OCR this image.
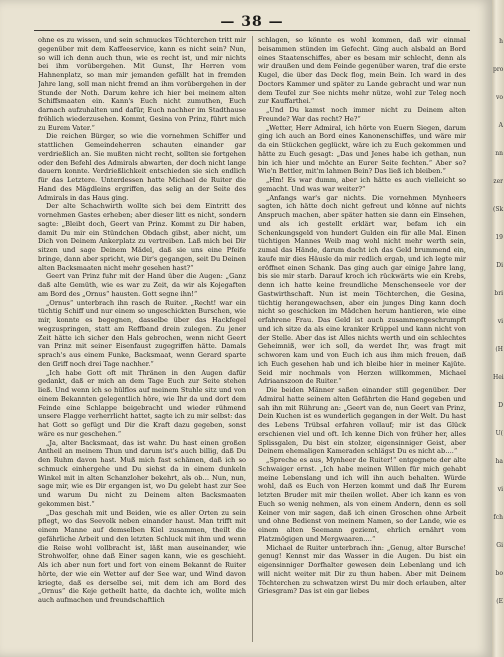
— 38 —

ohne es zu wissen, und sein schmuckes Töchterchen tritt mir gegenüber mit dem Kaffeeservice, kann es nicht sein? Nun, so will ich denn auch thun, wie es recht ist, und mir nichts bei ihm vorübergehen. Mit Gunst, Ihr Herren vom Hahnenplatz, so man mir jemanden gefällt hat in fremden Jahre lang, soll man nicht fremd an ihm vorübergehen in der Stunde der Noth. Darum kehre ich hier bei meinem alten Schiffsmaaten ein. Kann's Euch nicht zumuthen, Euch darnach aufzuhalten und dafür, Euch nachher im Stadthause fröhlich wiederzusehen. Kommt, Gesina von Prinz, führt mich zu Eurem Vater.“

Die reichen Bürger, so wie die vornehmen Schiffer und stattlichen Gemeindeherren schauten einander gar verdrießlich an. Sie mußten nicht recht, sollten sie fortgehen oder den Befehl des Admirals abwarten, der doch nicht lange dauern konnte. Verdrießlichkeit entschieden sie sich endlich für das Letztere. Unterdessen hatte Michael de Ruiter die Hand des Mägdleins ergriffen, das selig an der Seite des Admirals in das Haus ging.

Der alte Schachwirth wollte sich bei dem Eintritt des vornehmen Gastes erheben; aber dieser litt es nicht, sondern sagte: „Bleibt doch, Geert van Prinz. Kommt zu Dir haben, damit Du mir ein Stündchen Obdach gibst, aber nicht, um Dich von Deinem Ankerplatz zu vertreiben. Laß mich bei Dir sitzen und sage Deinem Mädel, daß sie uns eine Pfeife bringe, dann aber spricht, wie Dir's gegangen, seit Du Deinen alten Backsmaaten nicht mehr gesehen hast?“

Geert van Prinz fuhr mit der Hand über die Augen: „Ganz daß alte Gemüth, wie es war zu Zeit, da wir als Kojegaften am Bord des „Ornus“ hausten. Gott segne ihn!“

„Ornus“ unterbrach ihn rasch de Ruiter. „Recht! war ein tüchtig Schiff und nur einem so ungeschickten Burschen, wie mir, konnte es begegnen, dasselbe über das Hackfegel wegzuspringen, statt am Reffband drein zulegen. Zu jener Zeit hätte ich sicher den Hals gebrochen, wenn nicht Geert van Prinz mit seiner Eisenfaust zugegriffen hätte. Damals sprach's aus einem Funke, Backsmaat, wenn Gerard sparte den Griff noch drei Tage nachher.“

„Ich habe Gott oft mit Thränen in den Augen dafür gedankt, daß er mich an dem Tage Euch zur Seite stehen ließ. Und wenn ich so hülflos auf meinem Stuhle sitz und von einem Bekannten gelegentlich höre, wie Ihr da und dort dem Feinde eine Schlappe beigebracht und wieder rühmend unsere Flagge verherrlicht hattet, sagte ich zu mir selbst: das hat Gott so gefügt und Dir die Kraft dazu gegeben, sonst wäre es nur geschehen.“

„Ja, alter Backsmaat, das ist wahr. Du hast einen großen Antheil an meinem Thun und darum ist's auch billig, daß Du den Ruhm davon hast. Muß mich fast schämen, daß ich so schmuck einhergehe und Du siehst da in einem dunkeln Winkel mit in alten Schanzloher bekehrt, als ob… Nun, nun, sage mir, wie es Dir ergangen ist, wo Du gelebt hast zur See und warum Du nicht zu Deinem alten Backsmaaten gekommen bist.“

„Das geschah mit und Beiden, wie es aller Orten zu sein pflegt, wo das Seevolk neben einander haust. Man trifft mit einem Manne auf demselben Kiel zusammen, theilt die gefährliche Arbeit und den letzten Schluck mit ihm und wenn die Reise wohl vollbracht ist, läßt man auseinander, wie Strohwolfer, ohne daß Einer sagen kann, wie es geschieht. Als ich aber nun fort und fort von einem Bekannt de Ruiter hörte, der wie ein Wetter auf der See war, und Wind davon kriegte, daß es derselbe sei, mit dem ich am Bord des „Ornus“ die Keje getheilt hatte, da dachte ich, wollte mich auch aufmachen und freundschaftlich

schlagen, so könnte es wohl kommen, daß wir einmal beisammen stünden im Gefecht. Ging auch alsbald an Bord eines Staatenschiffes, aber es besam mir schlecht, denn als wir draußen und dem Feinde gegenüber waren, traf die erste Kugel, die über das Deck flog, mein Bein. Ich ward in des Doctors Kammer und später zu Lande gebracht und war nun dem Teufel zur See nichts mehr nütze, wohl zur Teleg noch zur Kauffarthei.“

„Und Du kamst noch immer nicht zu Deinem alten Freunde? War das recht? He?“

„Wetter, Herr Admiral, ich hörte von Euern Siegen, darum ging ich auch an Bord eines Kanonenschiffes, und wäre mir da ein Stückchen geglückt, wäre ich zu Euch gekommen und hätte zu Euch gesagt: „Das und Jenes habe ich gethan, nun bin ich hier und möchte an Eurer Seite fechten.“ Aber so? Wie'n Bettler, mit'm lahmen Bein? Das ließ ich bleiben.“

„Hm! Es war dumm, aber ich hätte es auch vielleicht so gemacht. Und was war weiter?“

„Anfangs war's gar nichts. Die vornehmen Mynheers sagten, ich hätte doch nicht gefreut und könne auf nichts Anspruch machen, aber später hatten sie dann ein Einsehen, und als ich gestellt erklärt war, befam ich ein Schenkungsgeld von hundert Gulden ein für alle Mal. Einen tüchtigen Mannes Weib mag wohl nicht mehr werth sein, zumal das Hände, darum dacht ich das Geld brummend ein, kaufe mir dies Häusle da mir redlich ergab, und ich legte mir eröffnet einen Schank. Das ging auch gar einige Jahre lang, bis sie mir starb. Darauf kroch ich rückwärts wie ein Krebs, denn ich hatte keine freundliche Menschenseele vor der Gastwirthschaft. Nun ist mein Töchterchen, die Gesina, tüchtig herangewachsen, aber ein junges Ding kann doch nicht so geschicken im Mädchen herum hantieren, wie eine erfahrene Frau. Das Geld ist auch zusammengeschrumpft und ich sitze da als eine kranker Krüppel und kann nicht von der Stelle. Aber das ist Alles nichts werth und ein schlechtes Geheimniß, wer ich soll, da werdet Ihr, was fragt mit schworen kam und von Euch ich aus ihm mich freuen, daß ich Euch gesehen hab und ich bleibe hier in meiner Kajüte. Seid mir nochmals von Herzen willkommen, Michael Adriaanszoon de Ruiter.“

Die beiden Männer saßen einander still gegenüber. Der Admiral hatte seinem alten Gefährten die Hand gegeben und sah ihn mit Rührung an: „Geert van de, nun Geert van Prinz, Dein Kuchen ist es wunderlich gegangen in der Welt. Du hast des Lebens Trübsal erfahren vollauf; mir ist das Glück erschienen viel und oft. Ich kenne Dich von früher her, alles Splissgalen, Du bist ein stolzer, eigensinniger Geist, aber Deinem ehemaligen Kameraden schlägst Du es nicht ab….“

„Spreche es aus, Mynheer de Ruiter!“ entgegnete der alte Schwaiger ernst. „Ich habe meinen Willen für mich gehabt meine Lebenslang und ich will ihn auch behalten. Würde wohl, daß es Euch von Herzen kommt und daß Ihr Eurem letzten Bruder mit mir theilen wollet. Aber ich kann es von Euch so wenig nehmen, als von einem Andern, denn es soll Keiner von mir sagen, daß ich einen Groschen ohne Arbeit und ohne Bedienst von meinem Namen, so der Lande, wie es einem alten Seemann geziemt, ehrlich ernährt vom Platzmögigen und Mergwaaren.…“

Michael de Ruiter unterbrach ihn: „Genug, alter Bursche! genug! Kennst mir das Wasser in die Augen. Du bist ein eigensinniger Dorfhalter gewesen dein Lebenlang und ich will nicht weiter mit Dir zu thun haben. Aber mit Deinem Töchterchen zu schwatzen wirst Du mir doch erlauben, alter Griesgram? Das ist ein gar liebes

h
pro
vo
A
nn
zer
(Sk
19
Di
bri
vi
(H
Hei
D
U(
ha
vi
fch
Gi
bo
(E
